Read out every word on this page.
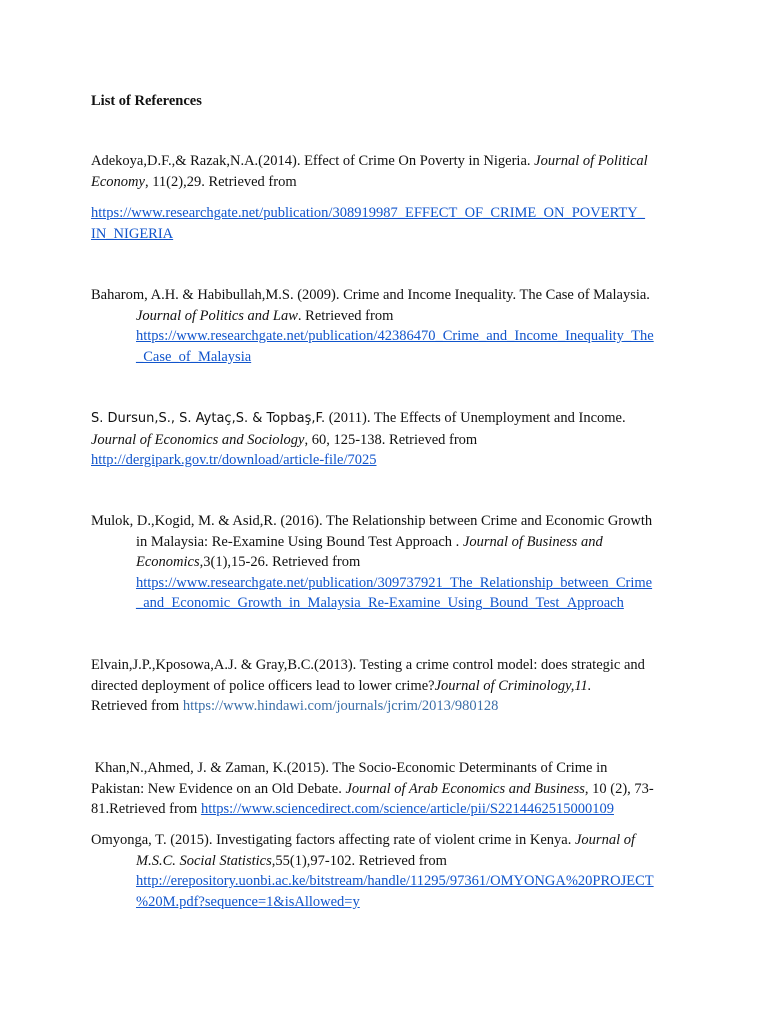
List of References
Adekoya,D.F.,& Razak,N.A.(2014). Effect of Crime On Poverty in Nigeria. Journal of Political
Economy, 11(2),29. Retrieved from
https://www.researchgate.net/publication/308919987_EFFECT_OF_CRIME_ON_POVERTY_
IN_NIGERIA
Baharom, A.H. & Habibullah,M.S. (2009). Crime and Income Inequality. The Case of Malaysia.
Journal of Politics and Law. Retrieved from
https://www.researchgate.net/publication/42386470_Crime_and_Income_Inequality_The
_Case_of_Malaysia
S. Dursun,S., S. Aytaç,S. & Topbaş,F. (2011). The Effects of Unemployment and Income.
Journal of Economics and Sociology, 60, 125-138. Retrieved from
http://dergipark.gov.tr/download/article-file/7025
Mulok, D.,Kogid, M. & Asid,R. (2016). The Relationship between Crime and Economic Growth
in Malaysia: Re-Examine Using Bound Test Approach . Journal of Business and
Economics,3(1),15-26. Retrieved from
https://www.researchgate.net/publication/309737921_The_Relationship_between_Crime
_and_Economic_Growth_in_Malaysia_Re-Examine_Using_Bound_Test_Approach
Elvain,J.P.,Kposowa,A.J. & Gray,B.C.(2013). Testing a crime control model: does strategic and
directed deployment of police officers lead to lower crime?Journal of Criminology,11.
Retrieved from https://www.hindawi.com/journals/jcrim/2013/980128
Khan,N.,Ahmed, J. & Zaman, K.(2015). The Socio-Economic Determinants of Crime in
Pakistan: New Evidence on an Old Debate. Journal of Arab Economics and Business, 10 (2), 73-
81.Retrieved from https://www.sciencedirect.com/science/article/pii/S2214462515000109
Omyonga, T. (2015). Investigating factors affecting rate of violent crime in Kenya. Journal of
M.S.C. Social Statistics,55(1),97-102. Retrieved from
http://erepository.uonbi.ac.ke/bitstream/handle/11295/97361/OMYONGA%20PROJECT
%20M.pdf?sequence=1&isAllowed=y
